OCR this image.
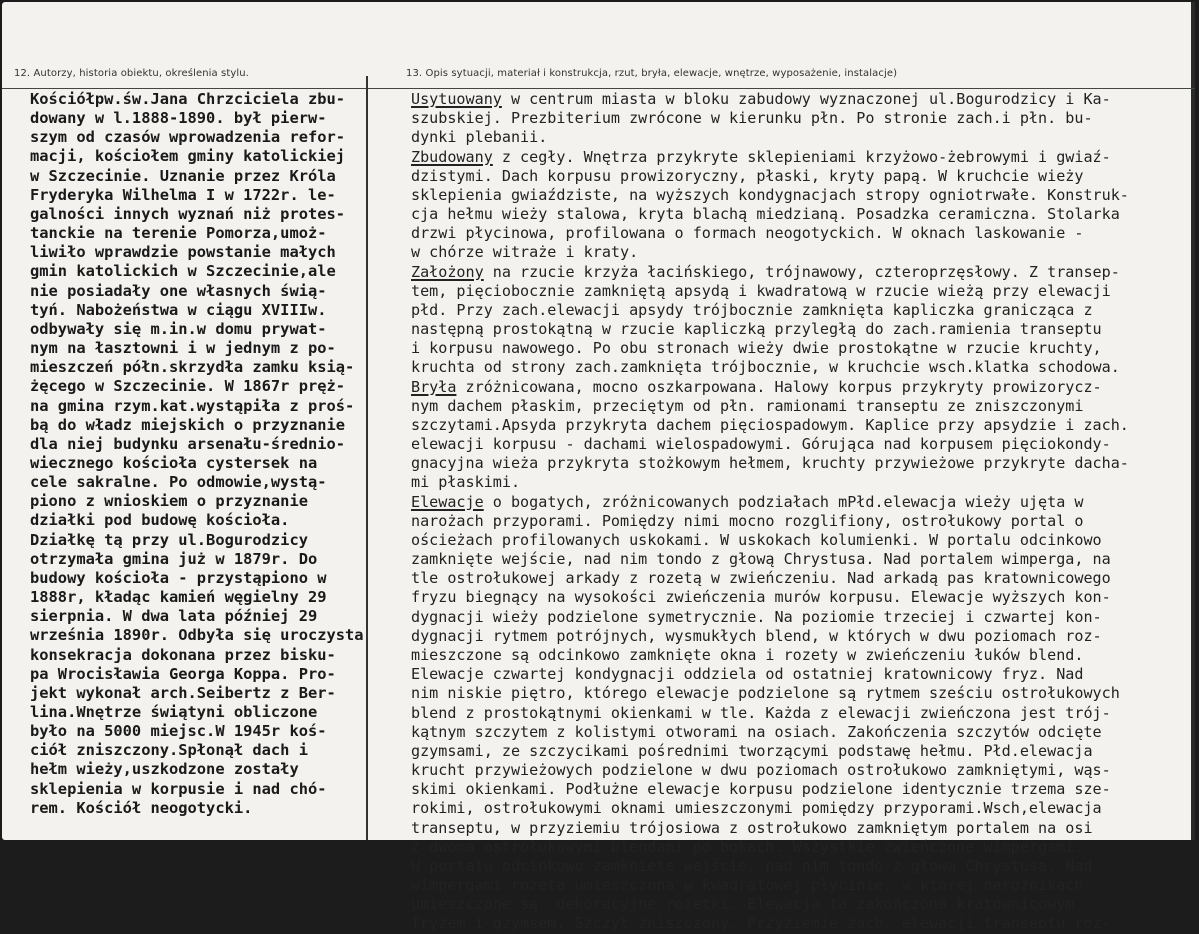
12. Autorzy, historia obiektu, określenia stylu.	13. Opis sytuacji, materiał i konstrukcja, rzut, bryła, elewacje, wnętrze, wyposażenie, instalacje)
Kościółpw.św.Jana Chrzciciela zbu-
dowany w l.1888-1890. był pierw-
szym od czasów wprowadzenia refor-
macji, kościołem gminy katolickiej
w Szczecinie. Uznanie przez Króla
Fryderyka Wilhelma I w 1722r. le-
galności innych wyznań niż protes-
tanckie na terenie Pomorza,umoż-
liwiło wprawdzie powstanie małych
gmin katolickich w Szczecinie,ale
nie posiadały one własnych świą-
tyń. Nabożeństwa w ciągu XVIIIw.
odbywały się m.in.w domu prywat-
nym na łasztowni i w jednym z po-
mieszczeń półn.skrzydła zamku ksią-
żęcego w Szczecinie. W 1867r pręż-
na gmina rzym.kat.wystąpiła z proś-
bą do władz miejskich o przyznanie
dla niej budynku arsenału-średnio-
wiecznego kościoła cystersek na
cele sakralne. Po odmowie,wystą-
piono z wnioskiem o przyznanie
działki pod budowę kościoła.
Działkę tą przy ul.Bogurodzicy
otrzymała gmina już w 1879r. Do
budowy kościoła - przystąpiono w
1888r, kładąc kamień węgielny 29
sierpnia. W dwa lata później 29
września 1890r. Odbyła się uroczysta
konsekracja dokonana przez bisku-
pa Wrocisławia Georga Koppa. Pro-
jekt wykonał arch.Seibertz z Ber-
lina.Wnętrze świątyni obliczone
było na 5000 miejsc.W 1945r koś-
ciół zniszczony.Spłonął dach i
hełm wieży,uszkodzone zostały
sklepienia w korpusie i nad chó-
rem. Kościół neogotycki.
Usytuowany w centrum miasta w bloku zabudowy wyznaczonej ul.Bogurodzicy i Ka-
szubskiej. Prezbiterium zwrócone w kierunku płn. Po stronie zach.i płn. bu-
dynki plebanii.
Zbudowany z cegły. Wnętrza przykryte sklepieniami krzyżowo-żebrowymi i gwiaź-
dzistymi. Dach korpusu prowizoryczny, płaski, kryty papą. W kruchcie wieży
sklepienia gwiaździste, na wyższych kondygnacjach stropy ogniotrwałe. Konstruk-
cja hełmu wieży stalowa, kryta blachą miedzianą. Posadzka ceramiczna. Stolarka
drzwi płycinowa, profilowana o formach neogotyckich. W oknach laskowanie -
w chórze witraże i kraty.
Założony na rzucie krzyża łacińskiego, trójnawowy, czteroprzęsłowy. Z transep-
tem, pięciobocznie zamkniętą apsydą i kwadratową w rzucie wieżą przy elewacji
płd. Przy zach.elewacji apsydy trójbocznie zamknięta kapliczka granicząca z
następną prostokątną w rzucie kapliczką przyległą do zach.ramienia transeptu
i korpusu nawowego. Po obu stronach wieży dwie prostokątne w rzucie kruchty,
kruchta od strony zach.zamknięta trójbocznie, w kruchcie wsch.klatka schodowa.
Bryła zróżnicowana, mocno oszkarpowana. Halowy korpus przykryty prowizorycz-
nym dachem płaskim, przeciętym od płn. ramionami transeptu ze zniszczonymi
szczytami.Apsyda przykryta dachem pięciospadowym. Kaplice przy apsydzie i zach.
elewacji korpusu - dachami wielospadowymi. Górująca nad korpusem pięciokondy-
gnacyjna wieża przykryta stożkowym hełmem, kruchty przywieżowe przykryte dacha-
mi płaskimi.
Elewacje o bogatych, zróżnicowanych podziałach mPłd.elewacja wieży ujęta w
narożach przyporami. Pomiędzy nimi mocno rozglifiony, ostrołukowy portal o
ościeżach profilowanych uskokami. W uskokach kolumienki. W portalu odcinkowo
zamknięte wejście, nad nim tondo z głową Chrystusa. Nad portalem wimperga, na
tle ostrołukowej arkady z rozetą w zwieńczeniu. Nad arkadą pas kratownicowego
fryzu biegnący na wysokości zwieńczenia murów korpusu. Elewacje wyższych kon-
dygnacji wieży podzielone symetrycznie. Na poziomie trzeciej i czwartej kon-
dygnacji rytmem potrójnych, wysmukłych blend, w których w dwu poziomach roz-
mieszczone są odcinkowo zamknięte okna i rozety w zwieńczeniu łuków blend.
Elewacje czwartej kondygnacji oddziela od ostatniej kratownicowy fryz. Nad
nim niskie piętro, którego elewacje podzielone są rytmem sześciu ostrołukowych
blend z prostokątnymi okienkami w tle. Każda z elewacji zwieńczona jest trój-
kątnym szczytem z kolistymi otworami na osiach. Zakończenia szczytów odcięte
gzymsami, ze szczycikami pośrednimi tworzącymi podstawę hełmu. Płd.elewacja
krucht przywieżowych podzielone w dwu poziomach ostrołukowo zamkniętymi, wąs-
skimi okienkami. Podłużne elewacje korpusu podzielone identycznie trzema sze-
rokimi, ostrołukowymi oknami umieszczonymi pomiędzy przyporami.Wsch,elewacja
transeptu, w przyziemiu trójosiowa z ostrołukowo zamkniętym portalem na osi
z dwoma ostrołukowymi blendami po bokach. Wszystkie zwieńczone wimpergami.
W portalu odcinkowo zamknięte wejście, nad nim tondo z głową Chrystusa. Nad
wimpergami rozeta umieszczona w kwadratowej płycinie, w której narożnikach
umieszczone są  dekoracyjne rozetki. Elewacja ta zakończona kratownicowym
fryzem i gzymsem. Szczyt zniszczony. Przyziemie zach. elewacji transeptu roz-
